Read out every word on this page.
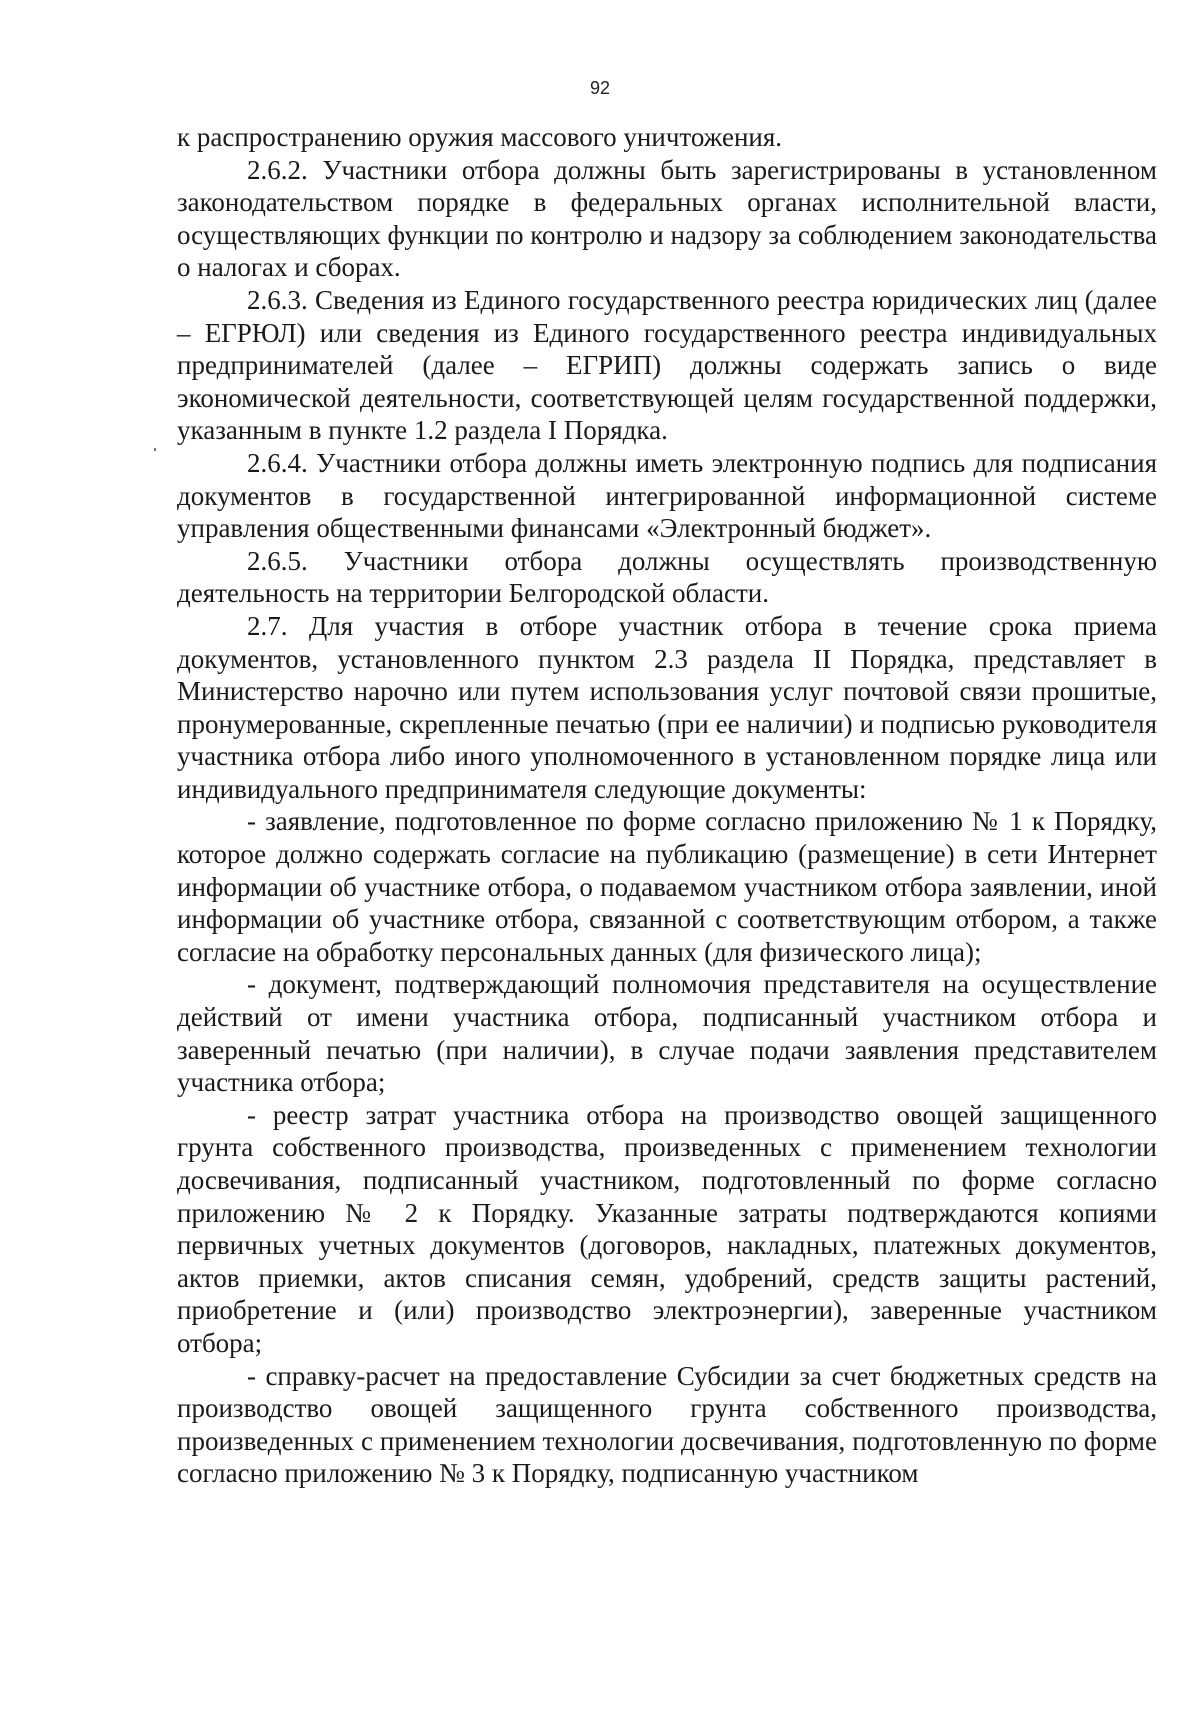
92

к распространению оружия массового уничтожения.

2.6.2. Участники отбора должны быть зарегистрированы в установленном законодательством порядке в федеральных органах исполнительной власти, осуществляющих функции по контролю и надзору за соблюдением законодательства о налогах и сборах.

2.6.3. Сведения из Единого государственного реестра юридических лиц (далее – ЕГРЮЛ) или сведения из Единого государственного реестра индивидуальных предпринимателей (далее – ЕГРИП) должны содержать запись о виде экономической деятельности, соответствующей целям государственной поддержки, указанным в пункте 1.2 раздела I Порядка.

2.6.4. Участники отбора должны иметь электронную подпись для подписания документов в государственной интегрированной информационной системе управления общественными финансами «Электронный бюджет».

2.6.5. Участники отбора должны осуществлять производственную деятельность на территории Белгородской области.

2.7. Для участия в отборе участник отбора в течение срока приема документов, установленного пунктом 2.3 раздела II Порядка, представляет в Министерство нарочно или путем использования услуг почтовой связи прошитые, пронумерованные, скрепленные печатью (при ее наличии) и подписью руководителя участника отбора либо иного уполномоченного в установленном порядке лица или индивидуального предпринимателя следующие документы:

- заявление, подготовленное по форме согласно приложению № 1 к Порядку, которое должно содержать согласие на публикацию (размещение) в сети Интернет информации об участнике отбора, о подаваемом участником отбора заявлении, иной информации об участнике отбора, связанной с соответствующим отбором, а также согласие на обработку персональных данных (для физического лица);

- документ, подтверждающий полномочия представителя на осуществление действий от имени участника отбора, подписанный участником отбора и заверенный печатью (при наличии), в случае подачи заявления представителем участника отбора;

- реестр затрат участника отбора на производство овощей защищенного грунта собственного производства, произведенных с применением технологии досвечивания, подписанный участником, подготовленный по форме согласно приложению № 2 к Порядку. Указанные затраты подтверждаются копиями первичных учетных документов (договоров, накладных, платежных документов, актов приемки, актов списания семян, удобрений, средств защиты растений, приобретение и (или) производство электроэнергии), заверенные участником отбора;

- справку-расчет на предоставление Субсидии за счет бюджетных средств на производство овощей защищенного грунта собственного производства, произведенных с применением технологии досвечивания, подготовленную по форме согласно приложению № 3 к Порядку, подписанную участником
